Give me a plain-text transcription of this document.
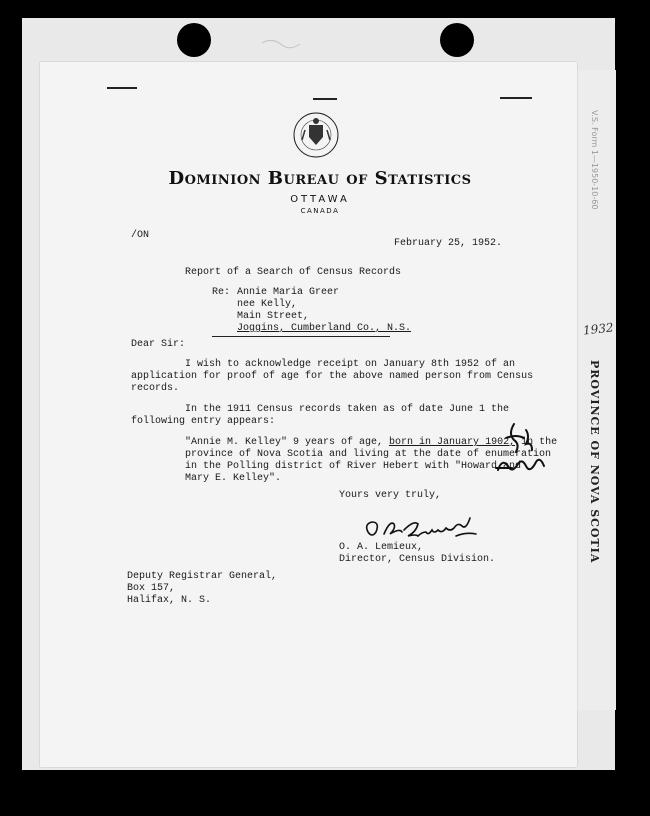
V.S. Form 1—1950-10-60
1932
PROVINCE OF NOVA SCOTIA
Dominion Bureau of Statistics
OTTAWA
CANADA
/ON
February 25, 1952.
Report of a Search of Census Records
Re: Annie Maria Greer
nee Kelly,
Main Street,
Joggins, Cumberland Co., N.S.
Dear Sir:
I wish to acknowledge receipt on January 8th 1952 of an
application for proof of age for the above named person from Census
records.
In the 1911 Census records taken as of date June 1 the
following entry appears:
"Annie M. Kelley" 9 years of age, born in January 1902, in the
province of Nova Scotia and living at the date of enumeration
in the Polling district of River Hebert with "Howard and
Mary E. Kelley".
Yours very truly,
O. A. Lemieux,
Director, Census Division.
Deputy Registrar General,
Box 157,
Halifax, N. S.
